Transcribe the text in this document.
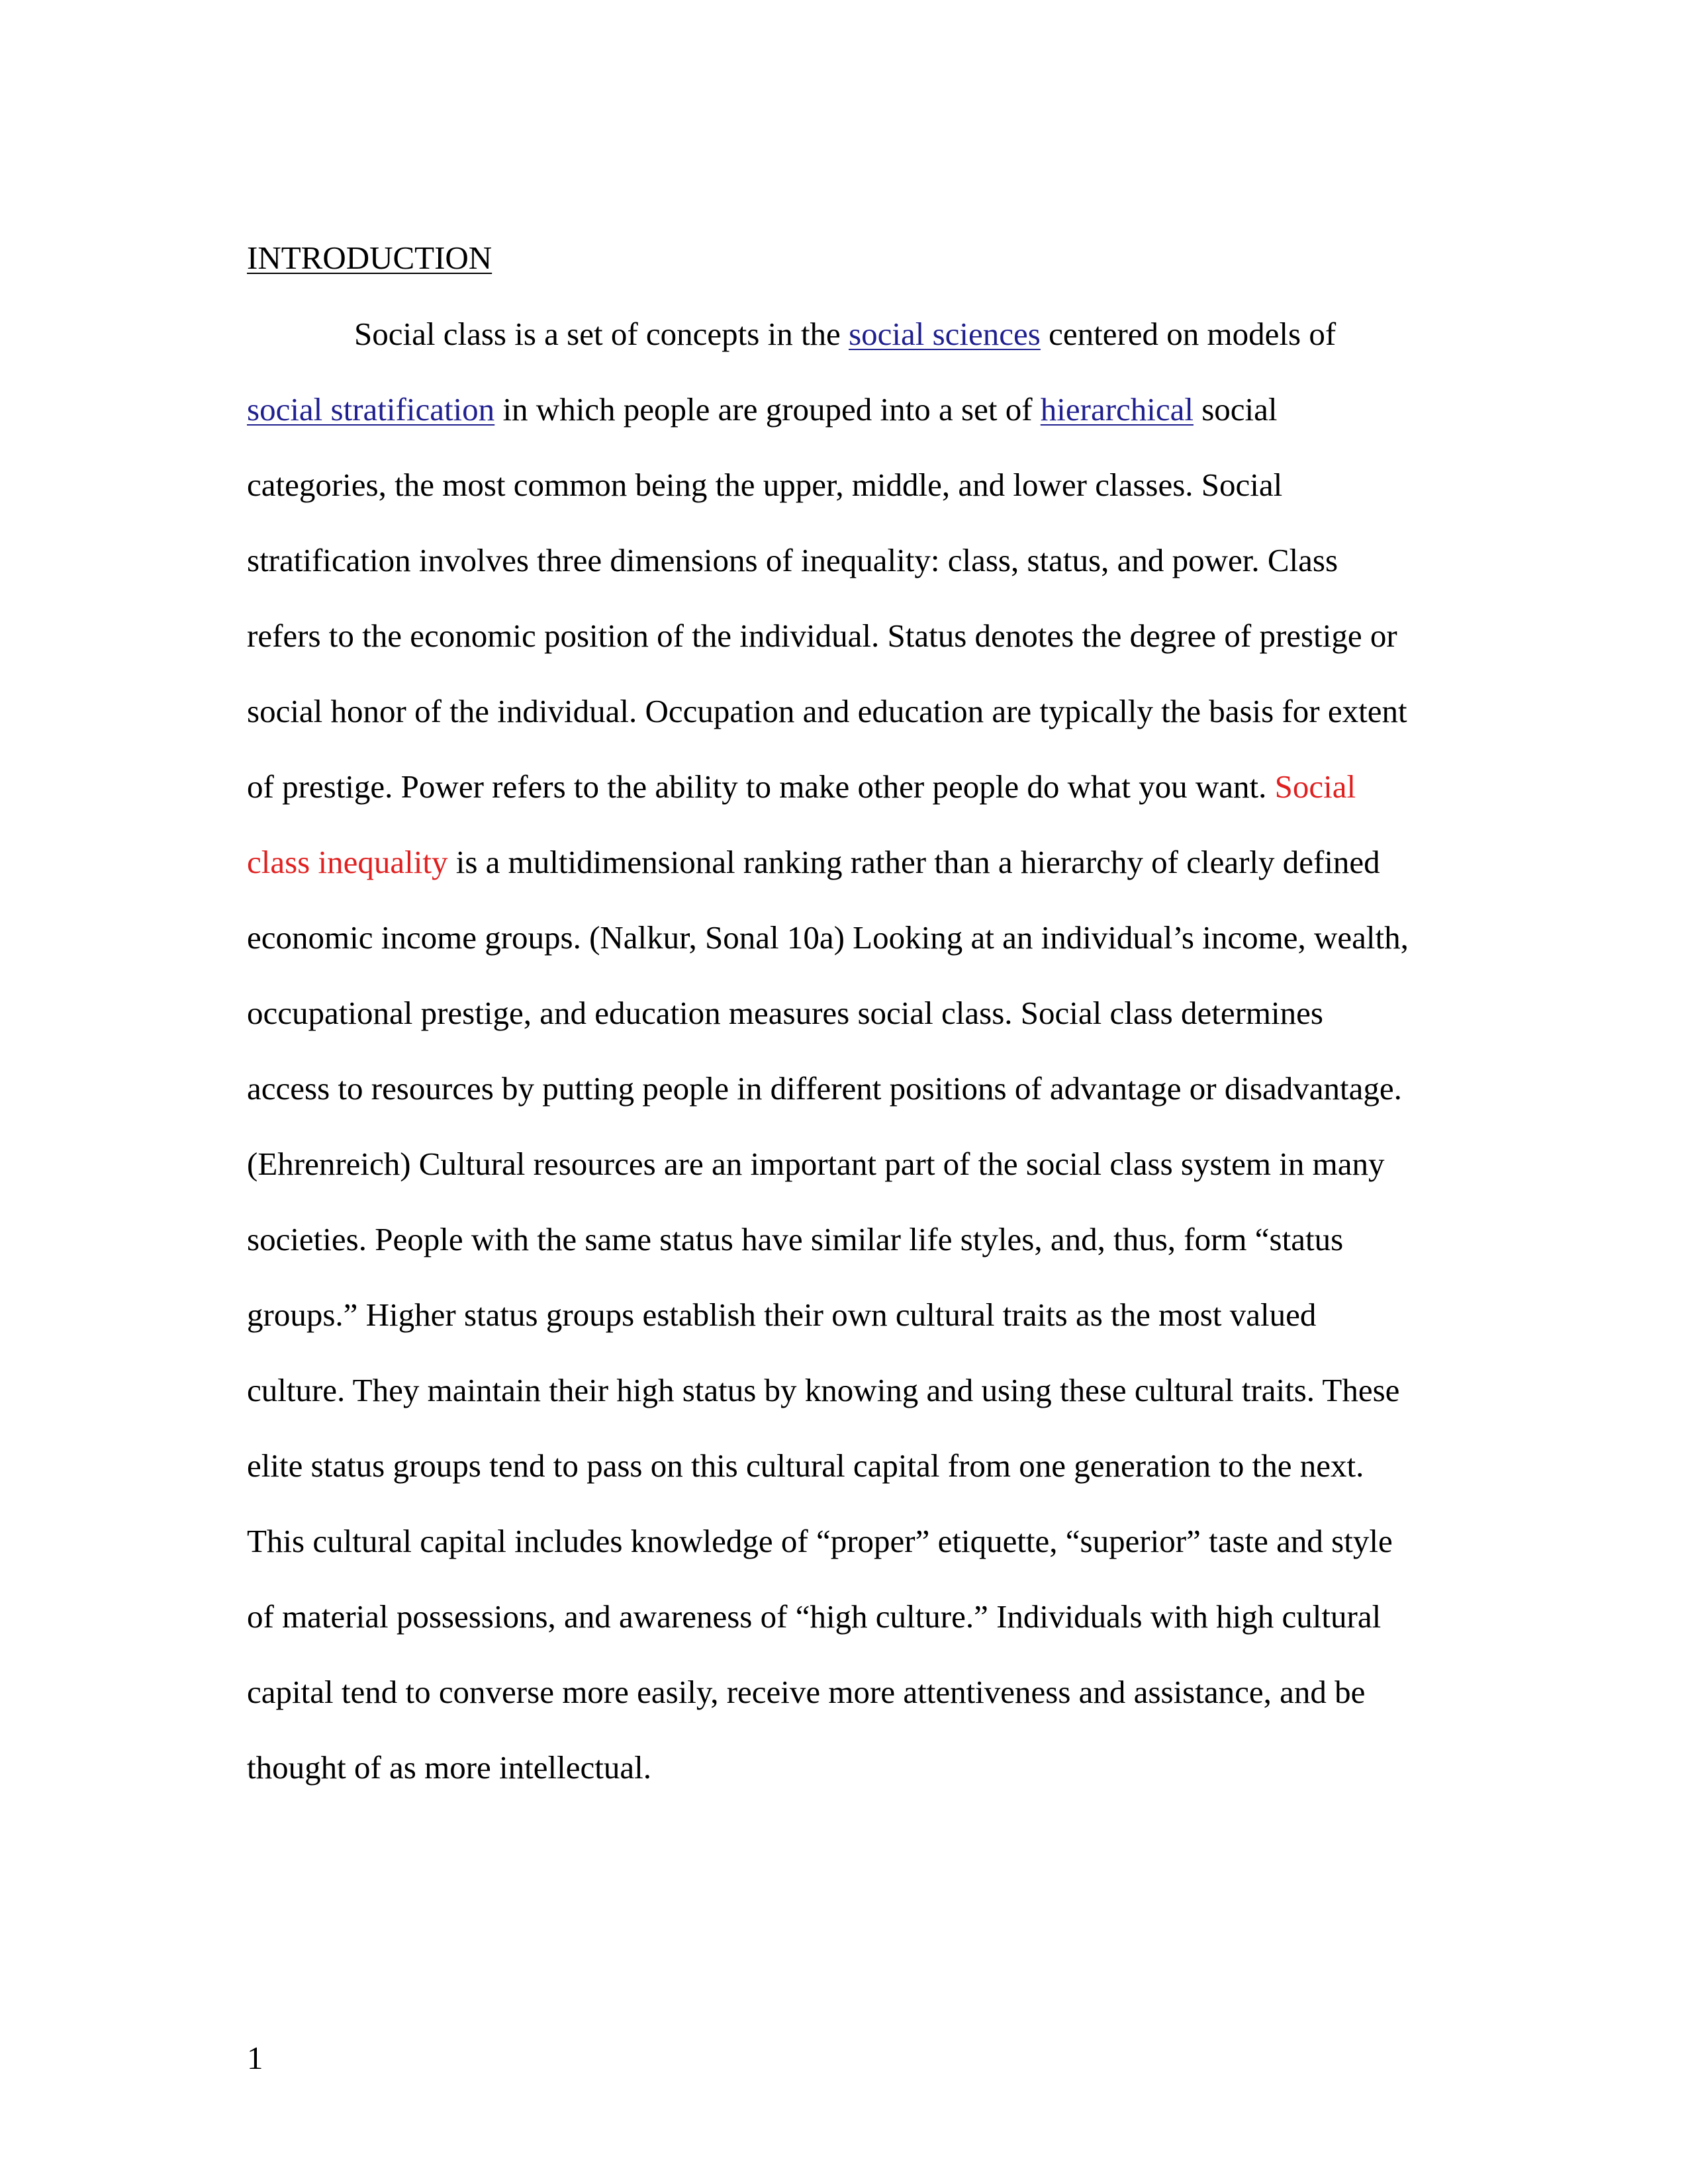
INTRODUCTION

Social class is a set of concepts in the social sciences centered on models of

social stratification in which people are grouped into a set of hierarchical social

categories, the most common being the upper, middle, and lower classes. Social

stratification involves three dimensions of inequality: class, status, and power. Class

refers to the economic position of the individual. Status denotes the degree of prestige or

social honor of the individual. Occupation and education are typically the basis for extent

of prestige. Power refers to the ability to make other people do what you want. Social

class inequality is a multidimensional ranking rather than a hierarchy of clearly defined

economic income groups. (Nalkur, Sonal 10a) Looking at an individual’s income, wealth,

occupational prestige, and education measures social class. Social class determines

access to resources by putting people in different positions of advantage or disadvantage.

(Ehrenreich) Cultural resources are an important part of the social class system in many

societies. People with the same status have similar life styles, and, thus, form “status

groups.” Higher status groups establish their own cultural traits as the most valued

culture. They maintain their high status by knowing and using these cultural traits. These

elite status groups tend to pass on this cultural capital from one generation to the next.

This cultural capital includes knowledge of “proper” etiquette, “superior” taste and style

of material possessions, and awareness of “high culture.” Individuals with high cultural

capital tend to converse more easily, receive more attentiveness and assistance, and be

thought of as more intellectual.

1
